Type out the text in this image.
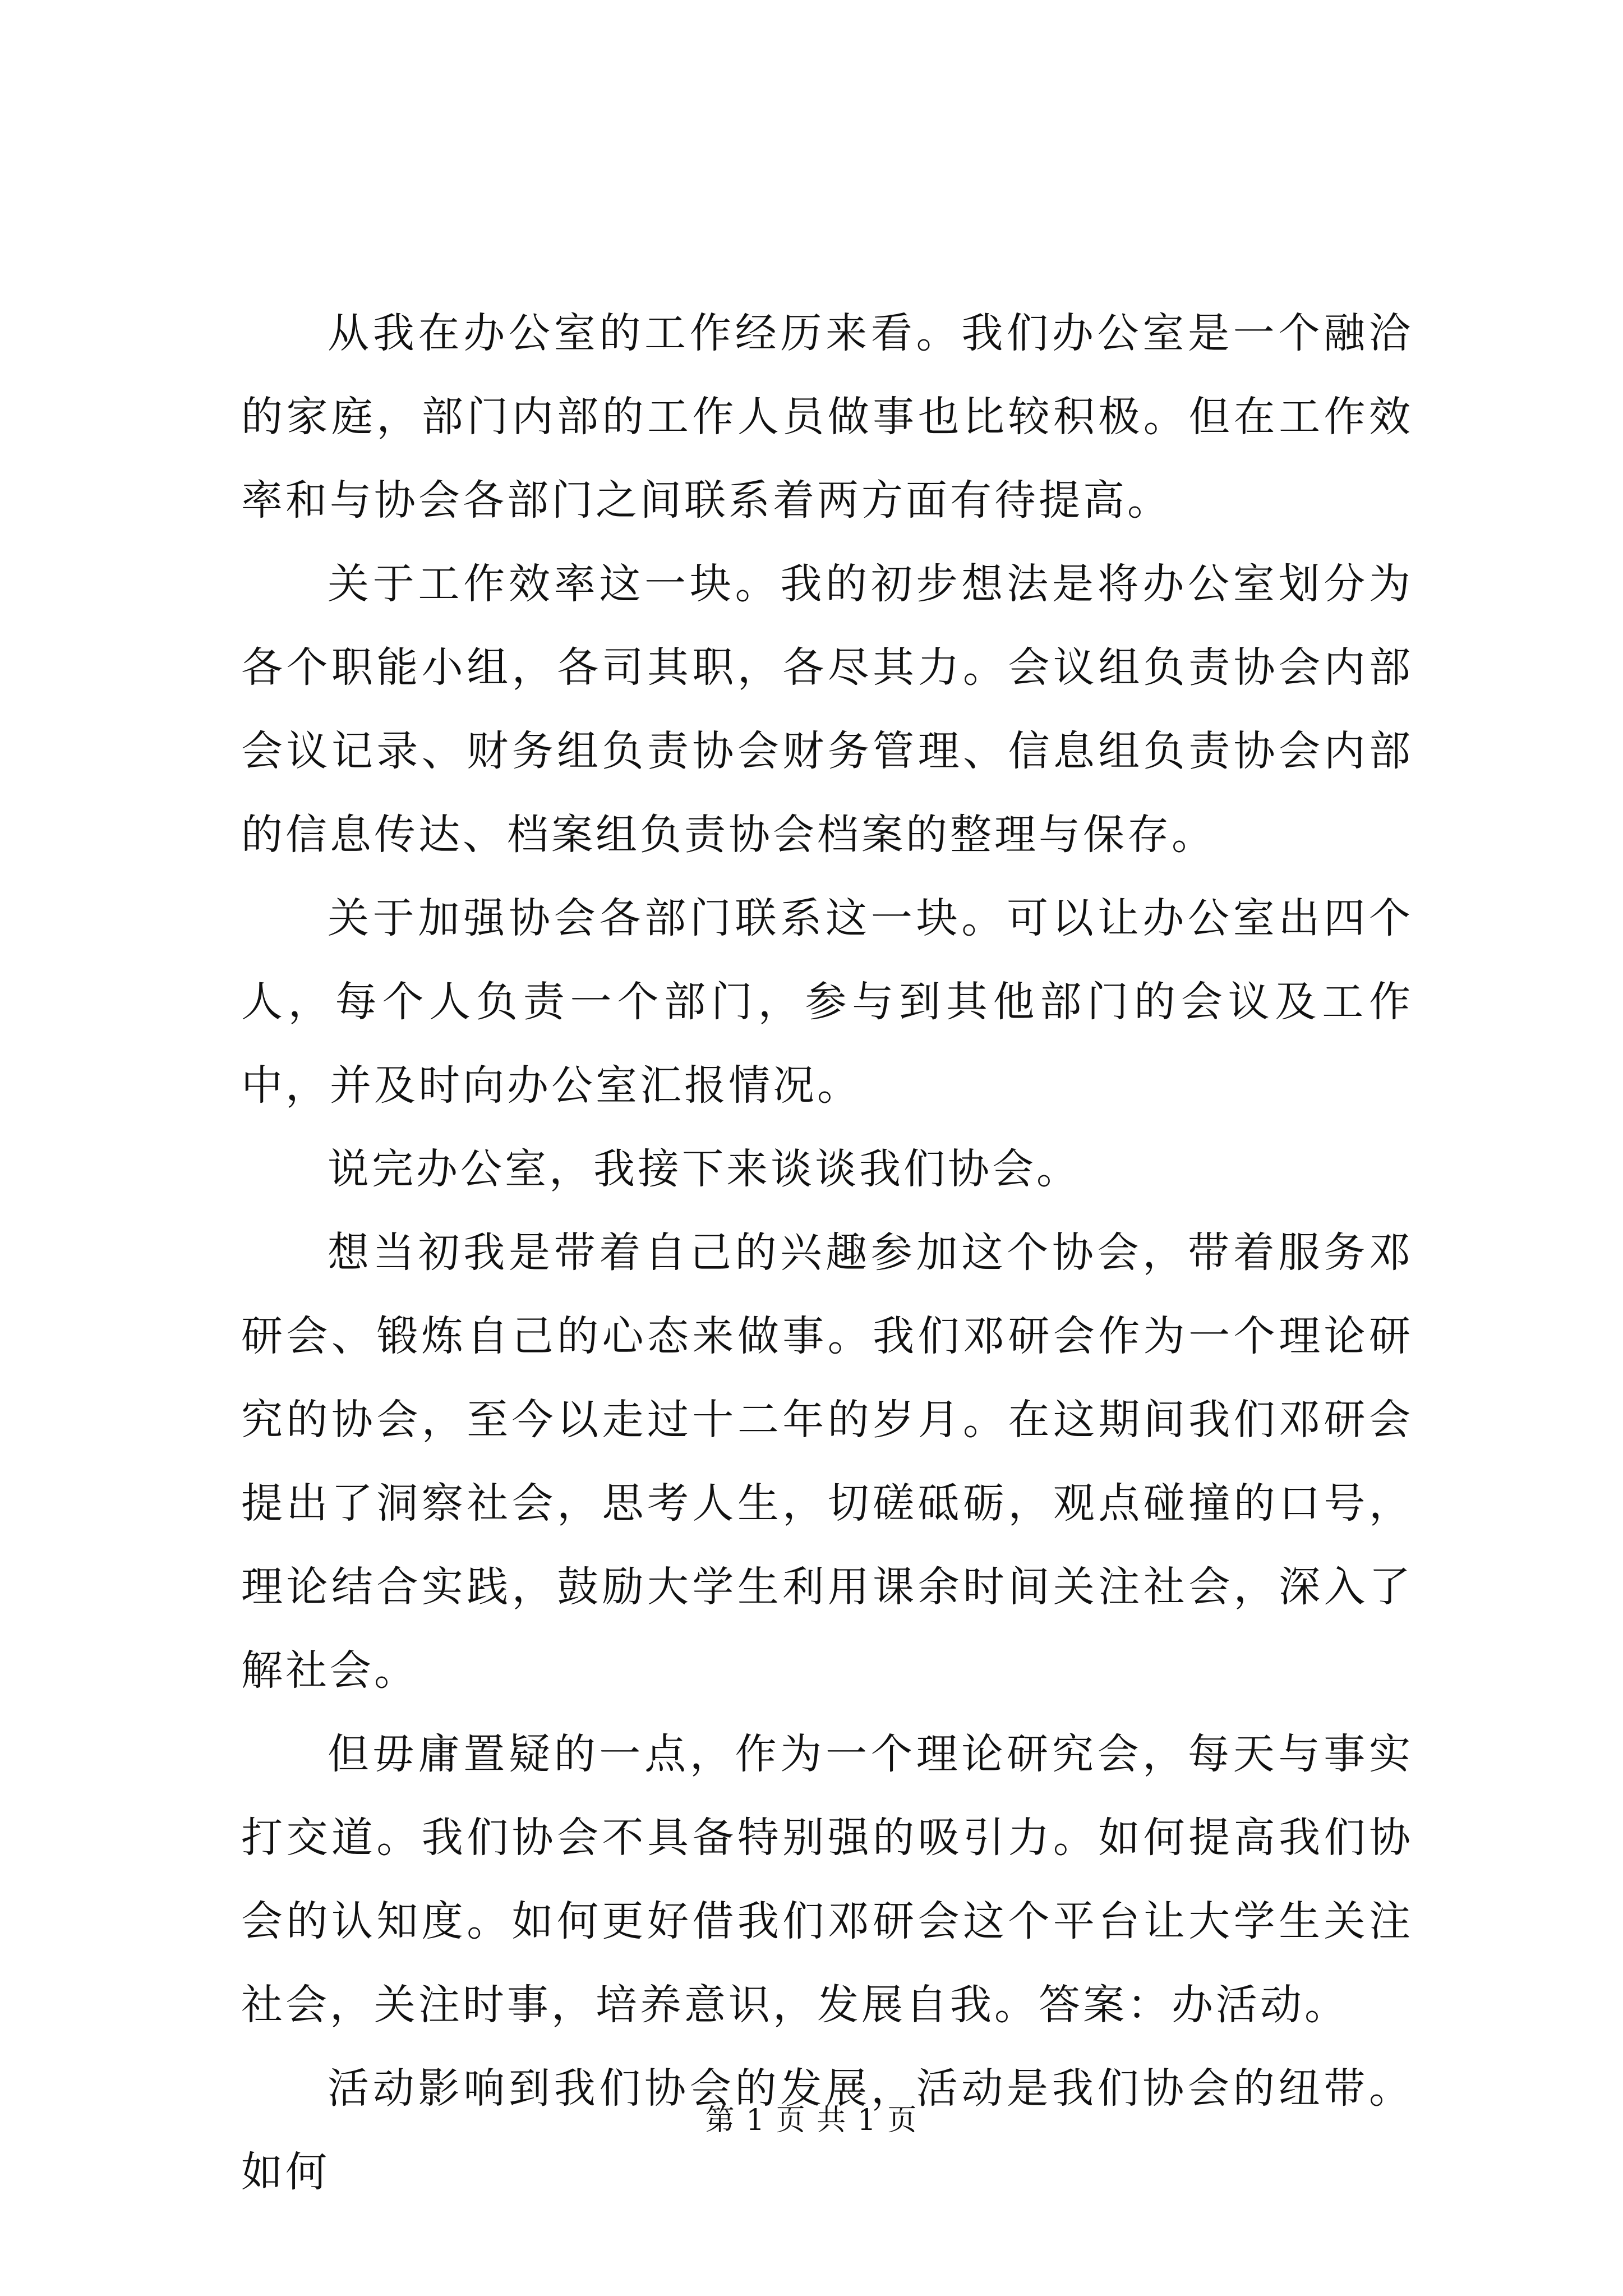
从我在办公室的工作经历来看。我们办公室是一个融洽的家庭，部门内部的工作人员做事也比较积极。但在工作效率和与协会各部门之间联系着两方面有待提高。

关于工作效率这一块。我的初步想法是将办公室划分为各个职能小组，各司其职，各尽其力。会议组负责协会内部会议记录、财务组负责协会财务管理、信息组负责协会内部的信息传达、档案组负责协会档案的整理与保存。

关于加强协会各部门联系这一块。可以让办公室出四个人，每个人负责一个部门，参与到其他部门的会议及工作中，并及时向办公室汇报情况。

说完办公室，我接下来谈谈我们协会。

想当初我是带着自己的兴趣参加这个协会，带着服务邓研会、锻炼自己的心态来做事。我们邓研会作为一个理论研究的协会，至今以走过十二年的岁月。在这期间我们邓研会提出了洞察社会，思考人生，切磋砥砺，观点碰撞的口号，理论结合实践，鼓励大学生利用课余时间关注社会，深入了解社会。

但毋庸置疑的一点，作为一个理论研究会，每天与事实打交道。我们协会不具备特别强的吸引力。如何提高我们协会的认知度。如何更好借我们邓研会这个平台让大学生关注社会，关注时事，培养意识，发展自我。答案：办活动。

活动影响到我们协会的发展，活动是我们协会的纽带。如何

第 1 页 共 1 页
